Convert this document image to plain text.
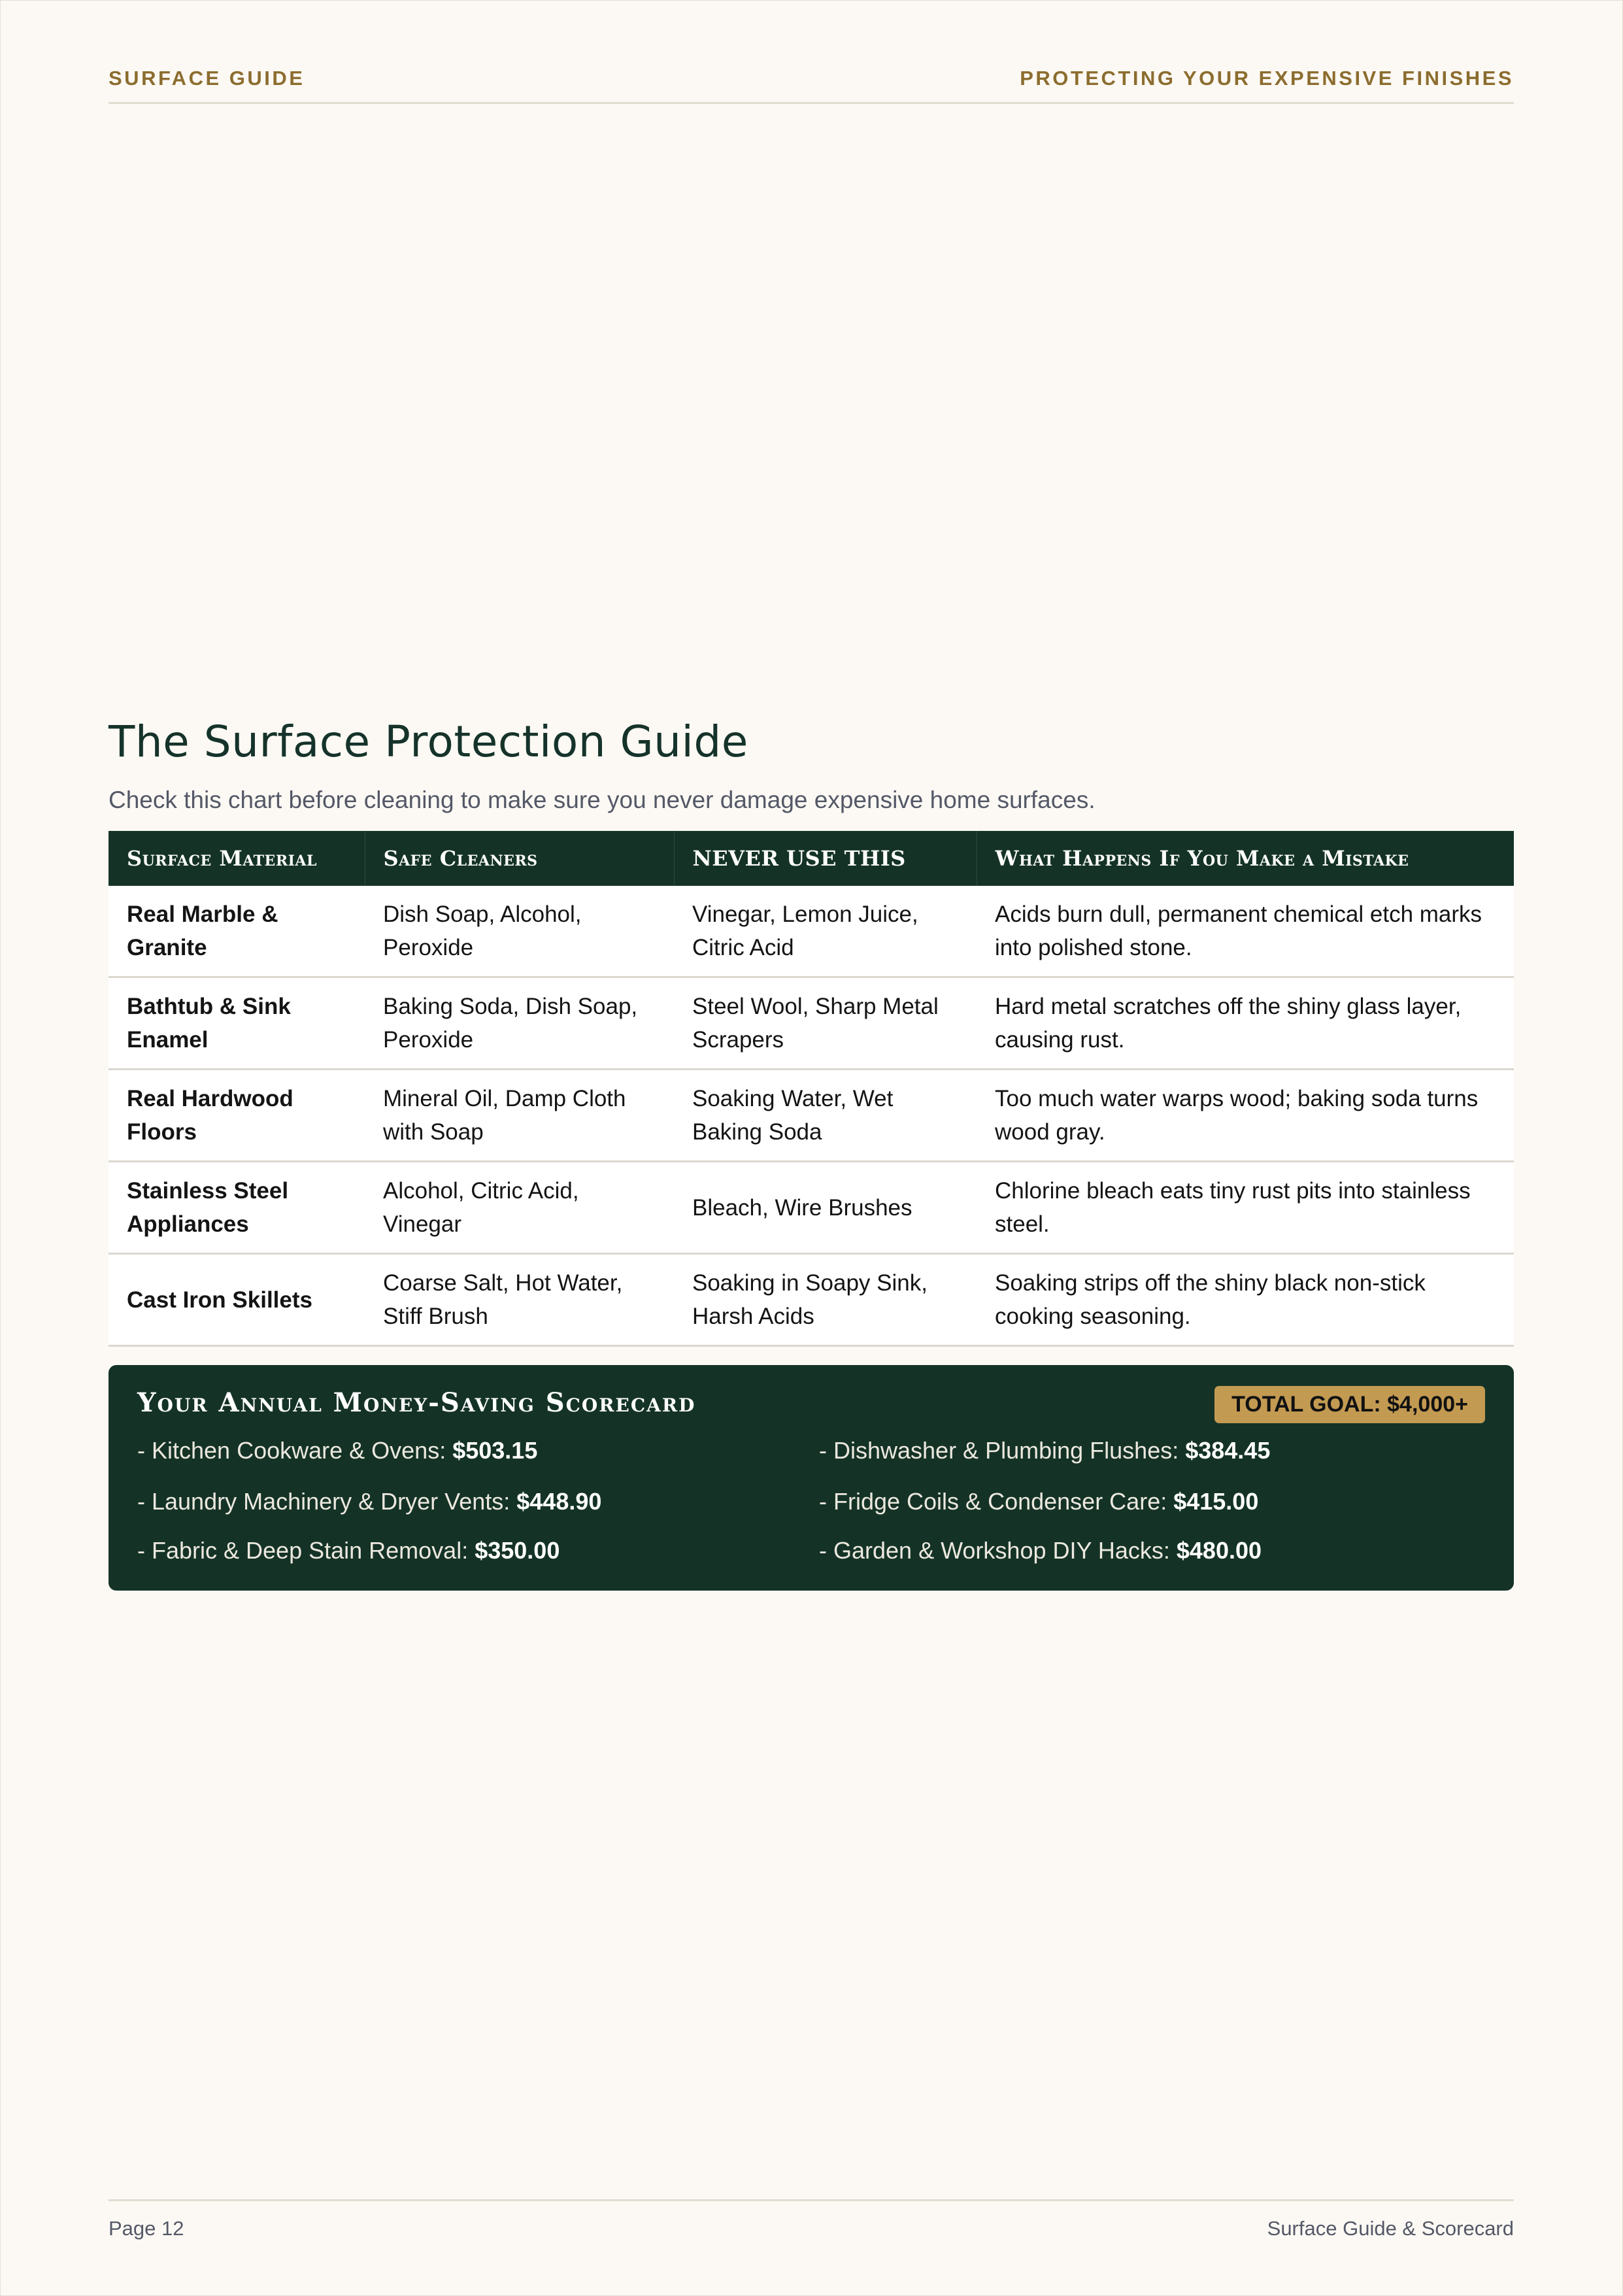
SURFACE GUIDE	PROTECTING YOUR EXPENSIVE FINISHES
The Surface Protection Guide

Check this chart before cleaning to make sure you never damage expensive home surfaces.

Surface Material	Safe Cleaners	NEVER USE THIS	What Happens If You Make a Mistake
Real Marble & Granite	Dish Soap, Alcohol, Peroxide	Vinegar, Lemon Juice, Citric Acid	Acids burn dull, permanent chemical etch marks into polished stone.
Bathtub & Sink Enamel	Baking Soda, Dish Soap, Peroxide	Steel Wool, Sharp Metal Scrapers	Hard metal scratches off the shiny glass layer, causing rust.
Real Hardwood Floors	Mineral Oil, Damp Cloth with Soap	Soaking Water, Wet Baking Soda	Too much water warps wood; baking soda turns wood gray.
Stainless Steel Appliances	Alcohol, Citric Acid, Vinegar	Bleach, Wire Brushes	Chlorine bleach eats tiny rust pits into stainless steel.
Cast Iron Skillets	Coarse Salt, Hot Water, Stiff Brush	Soaking in Soapy Sink, Harsh Acids	Soaking strips off the shiny black non-stick cooking seasoning.
Your Annual Money-Saving Scorecard	TOTAL GOAL: $4,000+
- Kitchen Cookware & Ovens: $503.15	- Dishwasher & Plumbing Flushes: $384.45
- Laundry Machinery & Dryer Vents: $448.90	- Fridge Coils & Condenser Care: $415.00
- Fabric & Deep Stain Removal: $350.00	- Garden & Workshop DIY Hacks: $480.00
Page 12	Surface Guide & Scorecard
